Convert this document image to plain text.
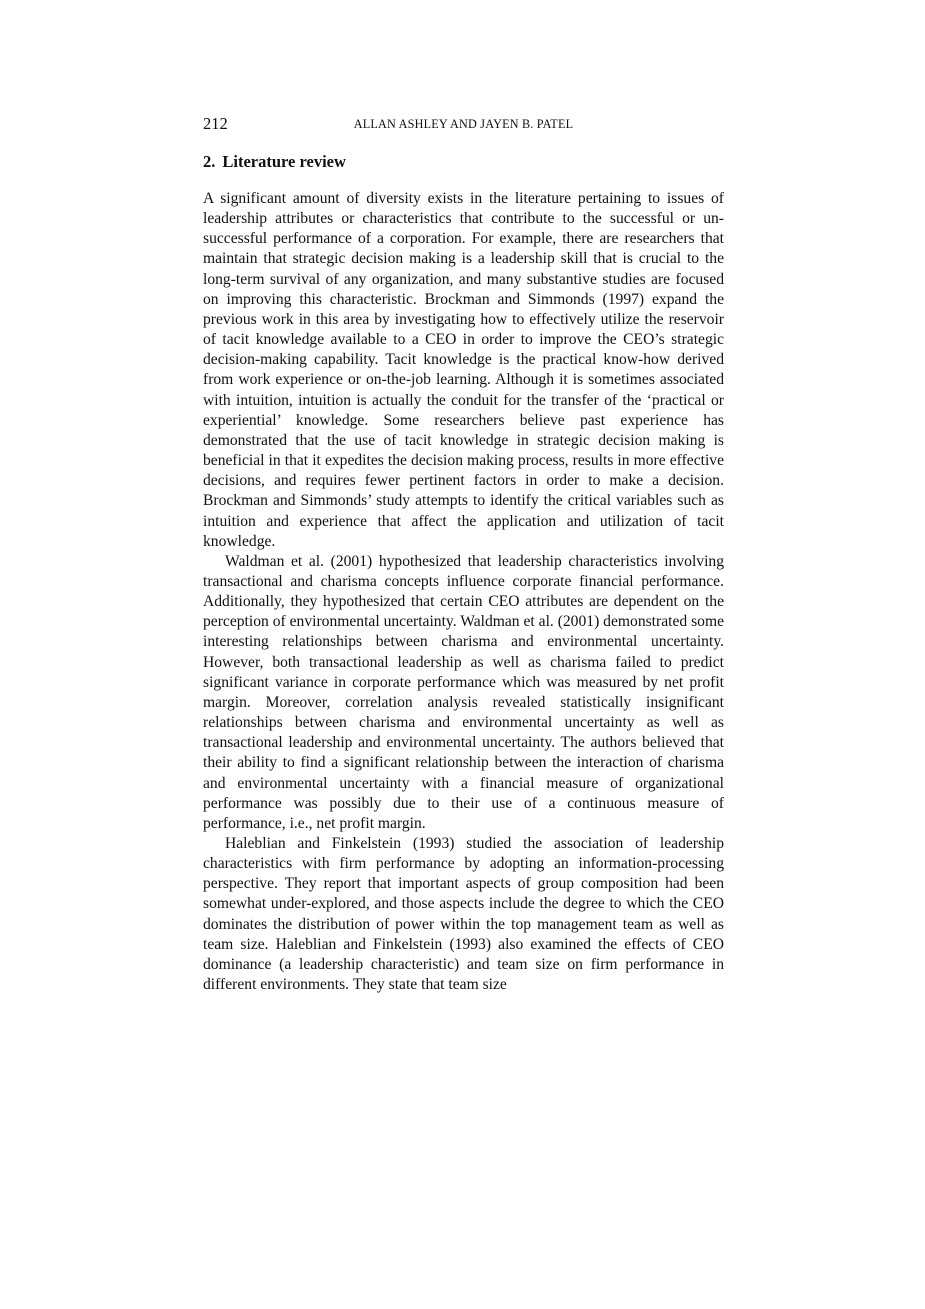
212	ALLAN ASHLEY AND JAYEN B. PATEL
2. Literature review

A significant amount of diversity exists in the literature pertaining to issues of leadership attributes or characteristics that contribute to the successful or unsuccessful performance of a corporation. For example, there are researchers that maintain that strategic decision making is a leadership skill that is crucial to the long-term survival of any organization, and many substantive studies are focused on improving this characteristic. Brockman and Simmonds (1997) expand the previous work in this area by investigating how to effectively utilize the reservoir of tacit knowledge available to a CEO in order to improve the CEO’s strategic decision-making capability. Tacit knowledge is the practical know-how derived from work experience or on-the-job learning. Although it is sometimes associated with intuition, intuition is actually the conduit for the transfer of the ‘practical or experiential’ knowledge. Some researchers believe past experience has demonstrated that the use of tacit knowledge in strategic decision making is beneficial in that it expedites the decision making process, results in more effective decisions, and requires fewer pertinent factors in order to make a decision. Brockman and Simmonds’ study attempts to identify the critical variables such as intuition and experience that affect the application and utilization of tacit knowledge.

Waldman et al. (2001) hypothesized that leadership characteristics involving transactional and charisma concepts influence corporate financial performance. Additionally, they hypothesized that certain CEO attributes are dependent on the perception of environmental uncertainty. Waldman et al. (2001) demonstrated some interesting relationships between charisma and environmental uncertainty. However, both transactional leadership as well as charisma failed to predict significant variance in corporate performance which was measured by net profit margin. Moreover, correlation analysis revealed statistically insignificant relationships between charisma and environmental uncertainty as well as transactional leadership and environmental uncertainty. The authors believed that their ability to find a significant relationship between the interaction of charisma and environmental uncertainty with a financial measure of organizational performance was possibly due to their use of a continuous measure of performance, i.e., net profit margin.

Haleblian and Finkelstein (1993) studied the association of leadership characteristics with firm performance by adopting an information-processing perspective. They report that important aspects of group composition had been somewhat under-explored, and those aspects include the degree to which the CEO dominates the distribution of power within the top management team as well as team size. Haleblian and Finkelstein (1993) also examined the effects of CEO dominance (a leadership characteristic) and team size on firm performance in different environments. They state that team size
